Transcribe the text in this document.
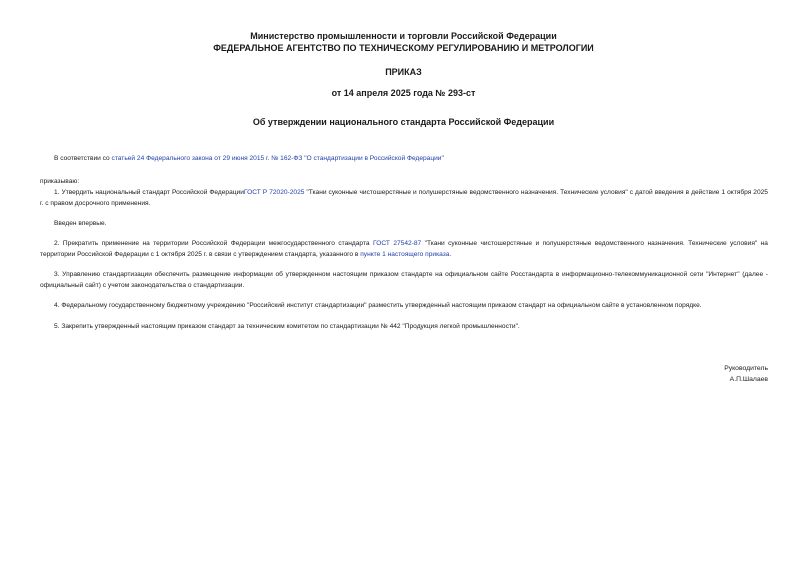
Министерство промышленности и торговли Российской Федерации
ФЕДЕРАЛЬНОЕ АГЕНТСТВО ПО ТЕХНИЧЕСКОМУ РЕГУЛИРОВАНИЮ И МЕТРОЛОГИИ
ПРИКАЗ
от 14 апреля 2025 года № 293-ст
Об утверждении национального стандарта Российской Федерации
В соответствии со статьей 24 Федерального закона от 29 июня 2015 г. № 162-ФЗ "О стандартизации в Российской Федерации"
приказываю:
1. Утвердить национальный стандарт Российской ФедерацииГОСТ Р 72020-2025 "Ткани суконные чистошерстяные и полушерстяные ведомственного назначения. Технические условия" с датой введения в действие 1 октября 2025 г. с правом досрочного применения.
Введен впервые.
2. Прекратить применение на территории Российской Федерации межгосударственного стандарта ГОСТ 27542-87 "Ткани суконные чистошерстяные и полушерстяные ведомственного назначения. Технические условия" на территории Российской Федерации с 1 октября 2025 г. в связи с утверждением стандарта, указанного в пункте 1 настоящего приказа.
3. Управлению стандартизации обеспечить размещение информации об утвержденном настоящим приказом стандарте на официальном сайте Росстандарта в информационно-телекоммуникационной сети "Интернет" (далее - официальный сайт) с учетом законодательства о стандартизации.
4. Федеральному государственному бюджетному учреждению "Российский институт стандартизации" разместить утвержденный настоящим приказом стандарт на официальном сайте в установленном порядке.
5. Закрепить утвержденный настоящим приказом стандарт за техническим комитетом по стандартизации № 442 "Продукция легкой промышленности".
Руководитель
А.П.Шалаев
